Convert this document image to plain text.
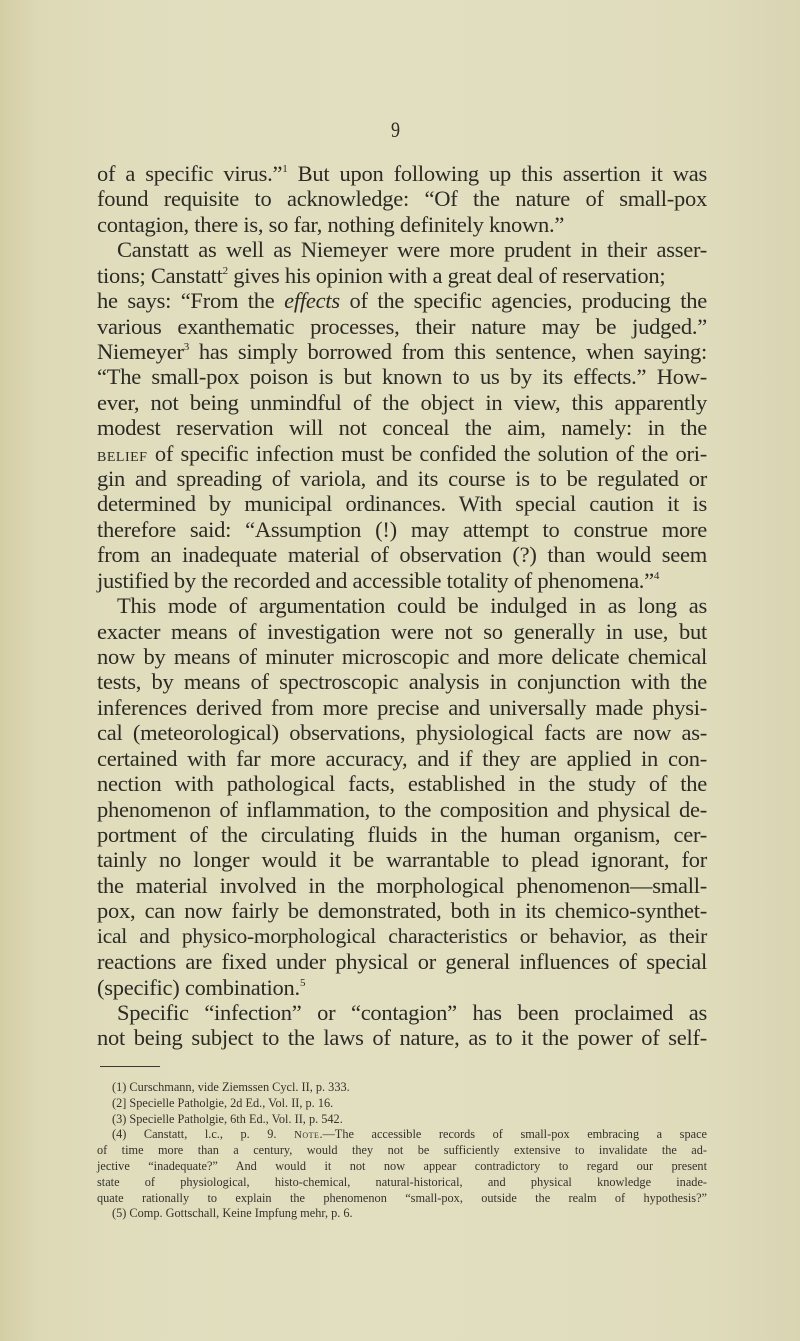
9
of a specific virus.”$^1$ But upon following up this assertion it was
found requisite to acknowledge: “Of the nature of small-pox
contagion, there is, so far, nothing definitely known.”
Canstatt as well as Niemeyer were more prudent in their asser-
tions; Canstatt$^2$ gives his opinion with a great deal of reservation;
he says: “From the effects of the specific agencies, producing the
various exanthematic processes, their nature may be judged.”
Niemeyer$^3$ has simply borrowed from this sentence, when saying:
“The small-pox poison is but known to us by its effects.” How-
ever, not being unmindful of the object in view, this apparently
modest reservation will not conceal the aim, namely: in the
belief of specific infection must be confided the solution of the ori-
gin and spreading of variola, and its course is to be regulated or
determined by municipal ordinances. With special caution it is
therefore said: “Assumption (!) may attempt to construe more
from an inadequate material of observation (?) than would seem
justified by the recorded and accessible totality of phenomena.”$^4$
This mode of argumentation could be indulged in as long as
exacter means of investigation were not so generally in use, but
now by means of minuter microscopic and more delicate chemical
tests, by means of spectroscopic analysis in conjunction with the
inferences derived from more precise and universally made physi-
cal (meteorological) observations, physiological facts are now as-
certained with far more accuracy, and if they are applied in con-
nection with pathological facts, established in the study of the
phenomenon of inflammation, to the composition and physical de-
portment of the circulating fluids in the human organism, cer-
tainly no longer would it be warrantable to plead ignorant, for
the material involved in the morphological phenomenon—small-
pox, can now fairly be demonstrated, both in its chemico-synthet-
ical and physico-morphological characteristics or behavior, as their
reactions are fixed under physical or general influences of special
(specific) combination.$^5$
Specific “infection” or “contagion” has been proclaimed as
not being subject to the laws of nature, as to it the power of self-
(1) Curschmann, vide Ziemssen Cycl. II, p. 333.
(2] Specielle Patholgie, 2d Ed., Vol. II, p. 16.
(3) Specielle Patholgie, 6th Ed., Vol. II, p. 542.
(4) Canstatt, l.c., p. 9. Note.—The accessible records of small-pox embracing a space
of time more than a century, would they not be sufficiently extensive to invalidate the ad-
jective “inadequate?” And would it not now appear contradictory to regard our present
state of physiological, histo-chemical, natural-historical, and physical knowledge inade-
quate rationally to explain the phenomenon “small-pox, outside the realm of hypothesis?”
(5) Comp. Gottschall, Keine Impfung mehr, p. 6.
